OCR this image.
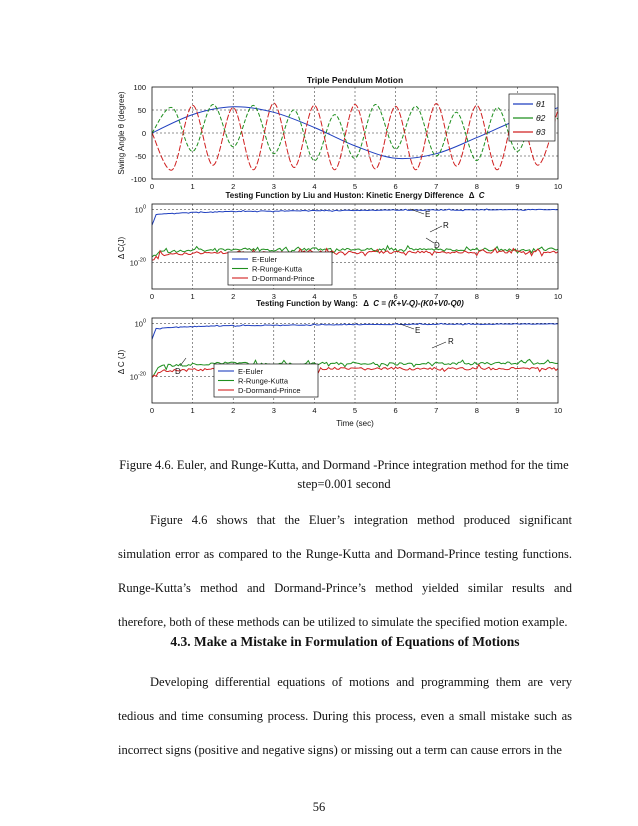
Triple Pendulum Motion
Swing Angle θ (degree)
0	1	2	3	4	5	6	7	8	9	10
-100
-50
0
50
100
θ1
θ2
θ3
Testing Function by Liu and Huston: Kinetic Energy Difference Δ C
Δ C(J)
0	1	2	3	4	5	6	7	8	9	10
$10^0$
$10^{-20}$	E-Euler
R-Runge-Kutta
D-Dormand-Prince
E
R
D
Testing Function by Wang: Δ C = (K+V-Q)-(K0+V0-Q0)
Δ C (J)
0	1	2	3	4	5	6	7	8	9	10
$10^0$
$10^{-20}$	E-Euler
R-Runge-Kutta
D-Dormand-Prince
E
R
D
Time (sec)
Figure 4.6. Euler, and Runge-Kutta, and Dormand -Prince integration method for the time
step=0.001 second

Figure 4.6 shows that the Eluer’s integration method produced significant simulation error as compared to the Runge-Kutta and Dormand-Prince testing functions. Runge-Kutta’s method and Dormand-Prince’s method yielded similar results and therefore, both of these methods can be utilized to simulate the specified motion example.

4.3. Make a Mistake in Formulation of Equations of Motions

Developing differential equations of motions and programming them are very tedious and time consuming process. During this process, even a small mistake such as incorrect signs (positive and negative signs) or missing out a term can cause errors in the

56
